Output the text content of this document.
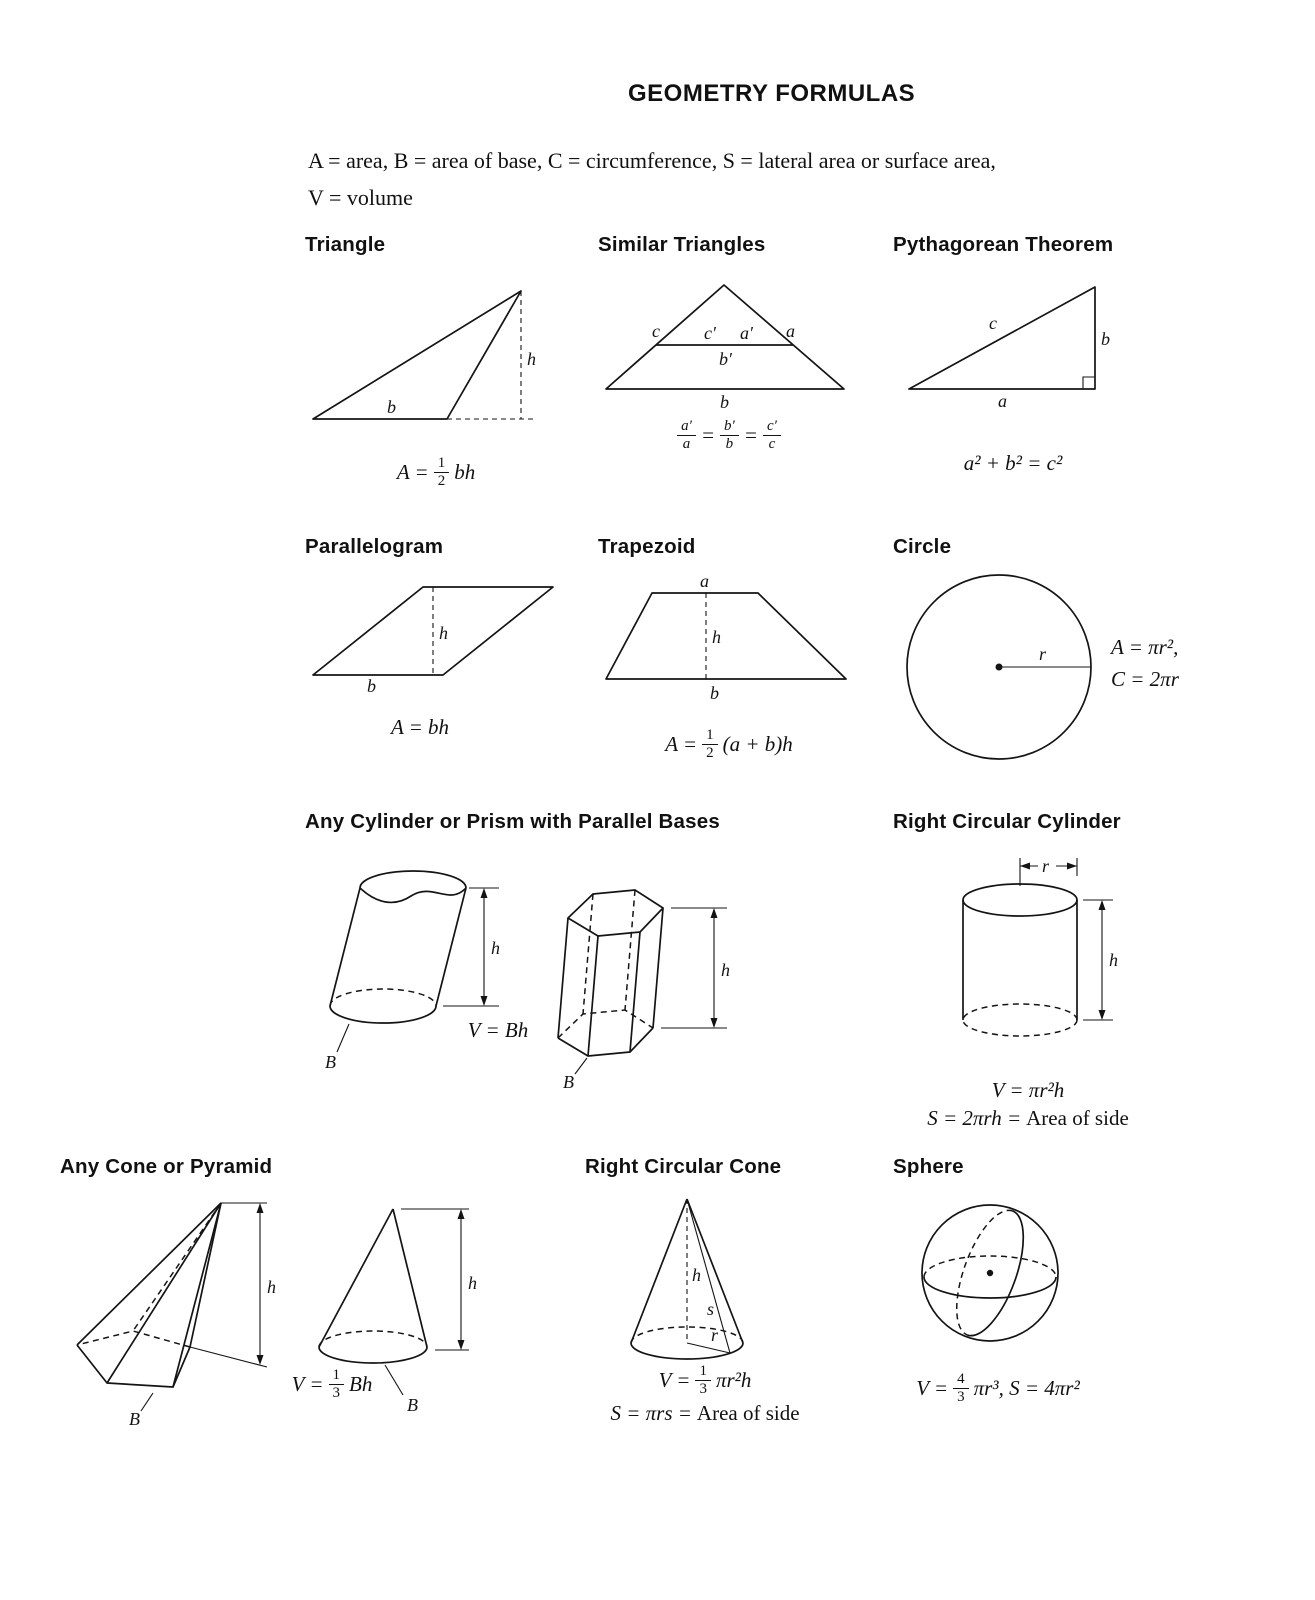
GEOMETRY FORMULAS
A = area, B = area of base, C = circumference, S = lateral area or surface area,
V = volume
Triangle
h
b
$A = \frac{1}{2}$ bh
Similar Triangles
c c′ a′ a
b′
b
$\frac{a'}{a} = \frac{b'}{b} = \frac{c'}{c}$
Pythagorean Theorem
c
b
a
a² + b² = c²
Parallelogram
h
b
A = bh
Trapezoid
a
h
b
$A = \frac{1}{2} (a + b)h$
Circle
r	A = πr²,
C = 2πr
Any Cylinder or Prism with Parallel Bases
B
h
B
h
V = Bh
Right Circular Cylinder
r
h
V = πr²h
S = 2πrh = Area of side
Any Cone or Pyramid
B
h
B
h
$V = \frac{1}{3}$ Bh
Right Circular Cone
h
s
r
$V = \frac{1}{3} \pi r^2h$
S = πrs = Area of side
Sphere
$V = \frac{4}{3} \pi r^3$, S = 4πr²
